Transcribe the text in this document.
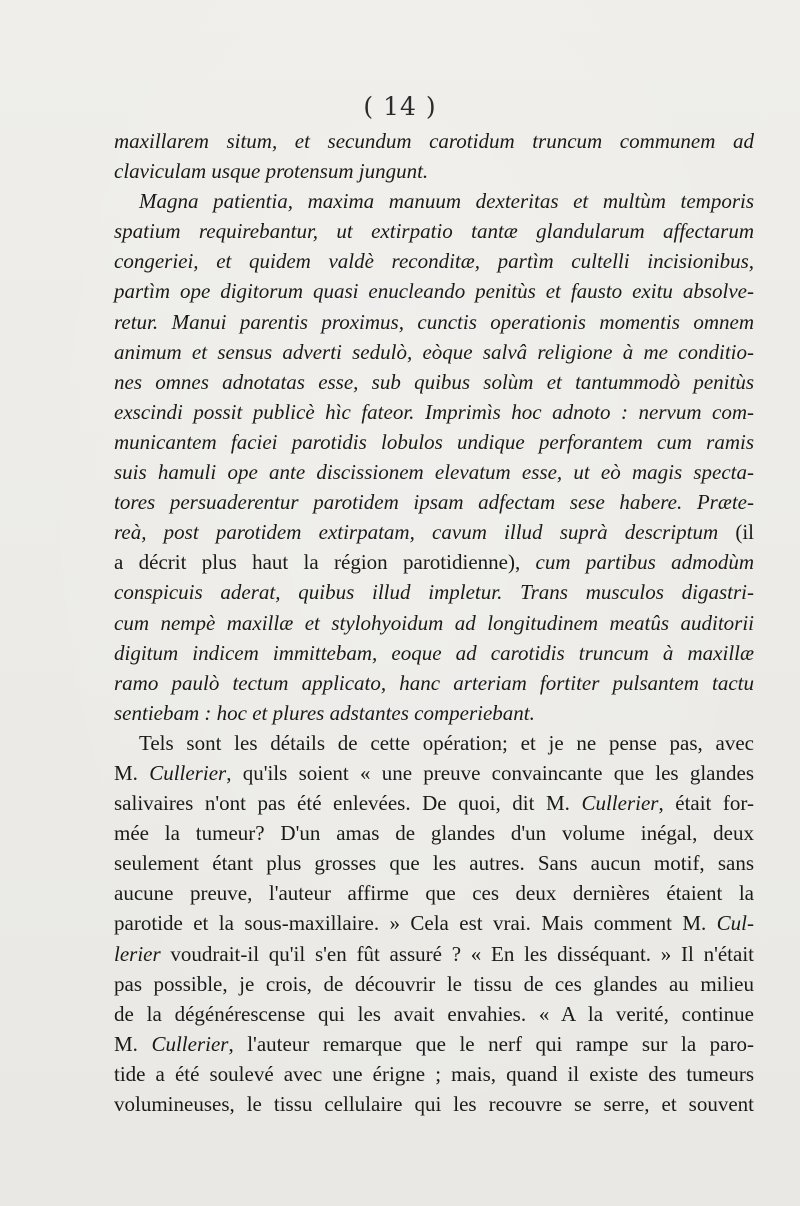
( 14 )
maxillarem situm, et secundum carotidum truncum communem ad
claviculam usque protensum jungunt.
Magna patientia, maxima manuum dexteritas et multùm temporis
spatium requirebantur, ut extirpatio tantæ glandularum affectarum
congeriei, et quidem valdè reconditæ, partìm cultelli incisionibus,
partìm ope digitorum quasi enucleando penitùs et fausto exitu absolve-
retur. Manui parentis proximus, cunctis operationis momentis omnem
animum et sensus adverti sedulò, eòque salvâ religione à me conditio-
nes omnes adnotatas esse, sub quibus solùm et tantummodò penitùs
exscindi possit publicè hìc fateor. Imprimìs hoc adnoto : nervum com-
municantem faciei parotidis lobulos undique perforantem cum ramis
suis hamuli ope ante discissionem elevatum esse, ut eò magis specta-
tores persuaderentur parotidem ipsam adfectam sese habere. Præte-
reà, post parotidem extirpatam, cavum illud suprà descriptum (il
a décrit plus haut la région parotidienne), cum partibus admodùm
conspicuis aderat, quibus illud impletur. Trans musculos digastri-
cum nempè maxillæ et stylohyoidum ad longitudinem meatûs auditorii
digitum indicem immittebam, eoque ad carotidis truncum à maxillæ
ramo paulò tectum applicato, hanc arteriam fortiter pulsantem tactu
sentiebam : hoc et plures adstantes comperiebant.
Tels sont les détails de cette opération; et je ne pense pas, avec
M. Cullerier, qu'ils soient « une preuve convaincante que les glandes
salivaires n'ont pas été enlevées. De quoi, dit M. Cullerier, était for-
mée la tumeur? D'un amas de glandes d'un volume inégal, deux
seulement étant plus grosses que les autres. Sans aucun motif, sans
aucune preuve, l'auteur affirme que ces deux dernières étaient la
parotide et la sous-maxillaire. » Cela est vrai. Mais comment M. Cul-
lerier voudrait-il qu'il s'en fût assuré ? « En les disséquant. » Il n'était
pas possible, je crois, de découvrir le tissu de ces glandes au milieu
de la dégénérescense qui les avait envahies. « A la verité, continue
M. Cullerier, l'auteur remarque que le nerf qui rampe sur la paro-
tide a été soulevé avec une érigne ; mais, quand il existe des tumeurs
volumineuses, le tissu cellulaire qui les recouvre se serre, et souvent
